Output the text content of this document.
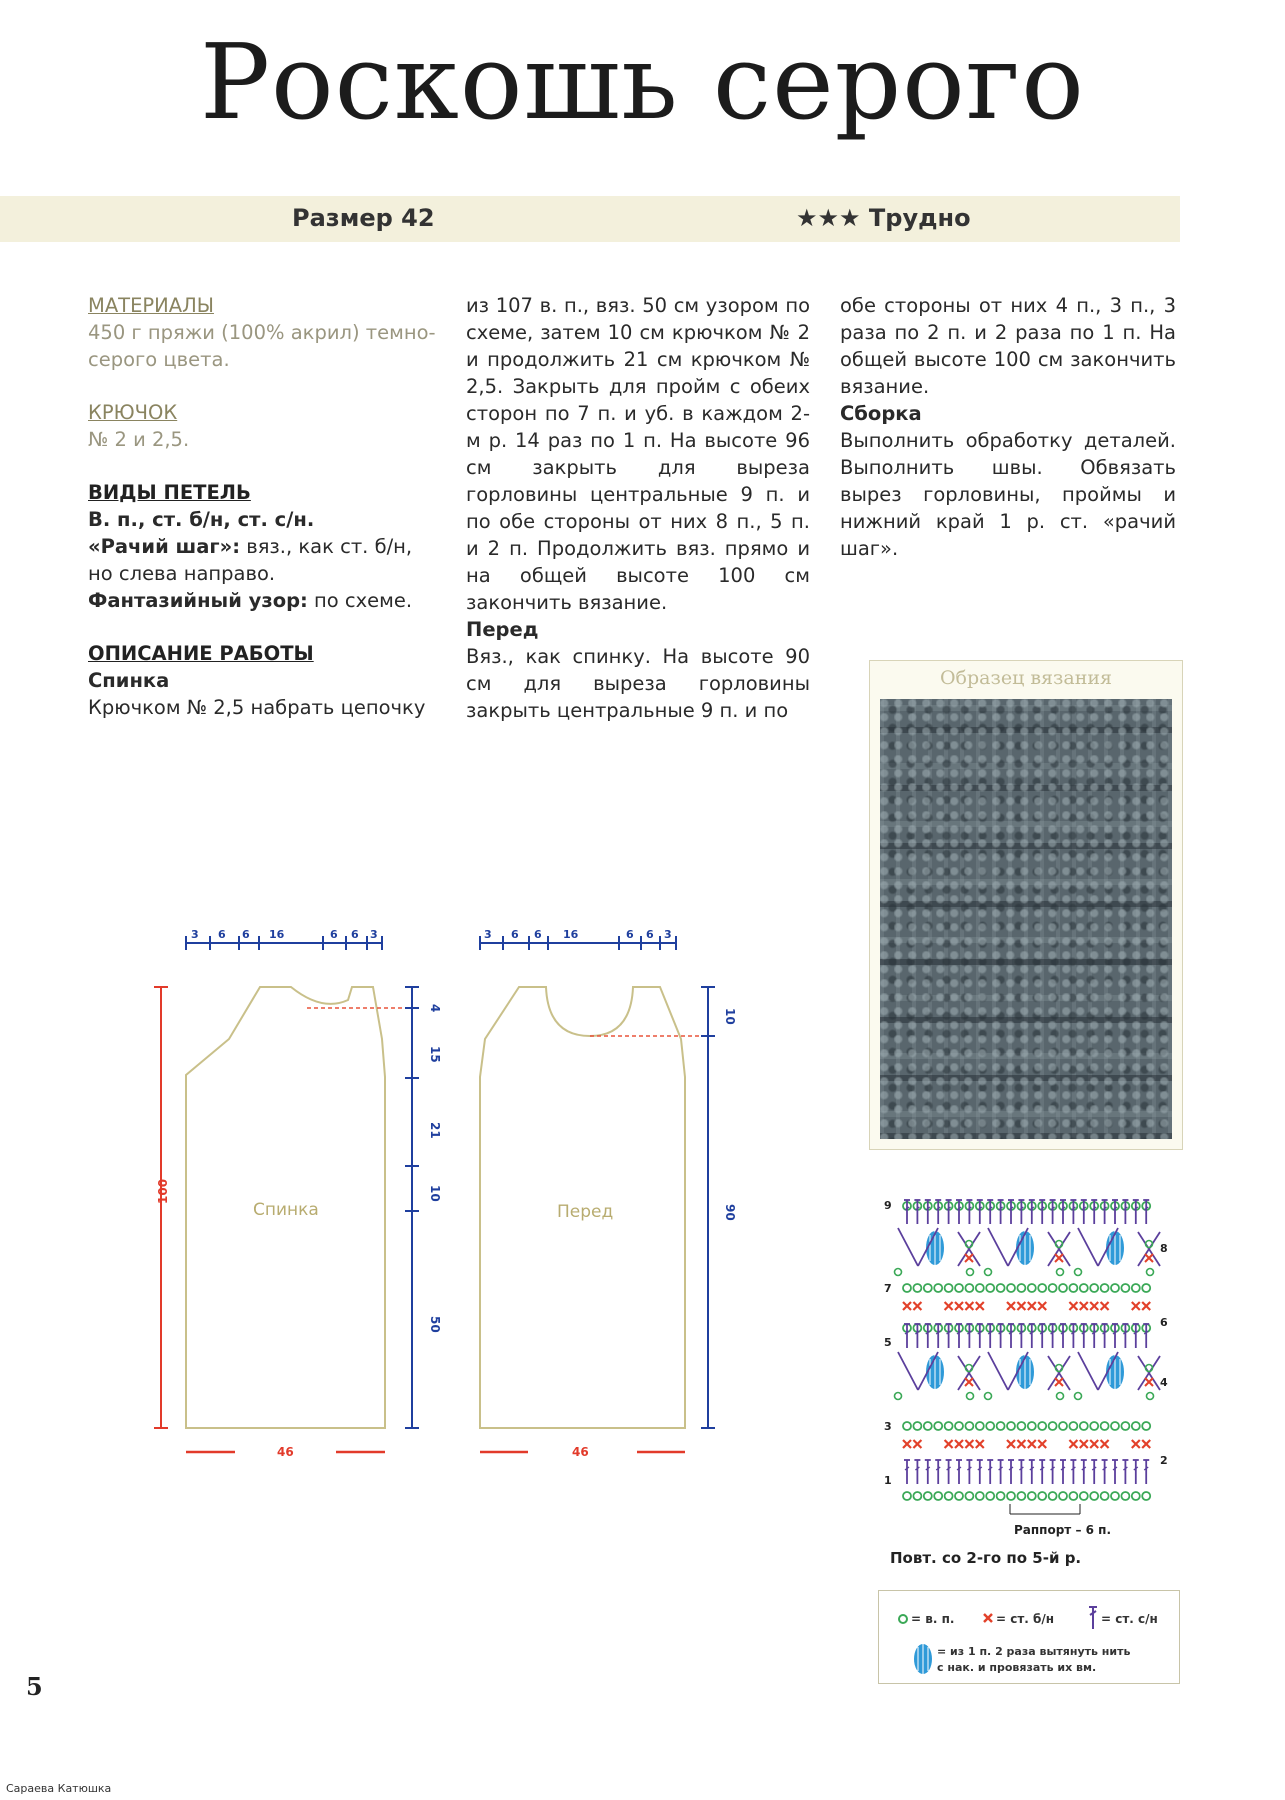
Роскошь серого
Размер 42	★★★ Трудно

МАТЕРИАЛЫ

450 г пряжи (100% акрил) темно-серого цвета.

КРЮЧОК

№ 2 и 2,5.

ВИДЫ ПЕТЕЛЬ

В. п., ст. б/н, ст. с/н.

«Рачий шаг»: вяз., как ст. б/н, но слева направо.

Фантазийный узор: по схеме.

ОПИСАНИЕ РАБОТЫ

Спинка

Крючком № 2,5 набрать цепочку

из 107 в. п., вяз. 50 см узором по схеме, затем 10 см крючком № 2 и продолжить 21 см крючком № 2,5. Закрыть для пройм с обеих сторон по 7 п. и уб. в каждом 2-м р. 14 раз по 1 п. На высоте 96 см закрыть для выреза горловины центральные 9 п. и по обе стороны от них 8 п., 5 п. и 2 п. Продолжить вяз. прямо и на общей высоте 100 см закончить вязание.

Перед

Вяз., как спинку. На высоте 90 см для выреза горловины закрыть центральные 9 п. и по

обе стороны от них 4 п., 3 п., 3 раза по 2 п. и 2 раза по 1 п. На общей высоте 100 см закончить вязание.

Сборка

Выполнить обработку деталей. Выполнить швы. Обвязать вырез горловины, проймы и нижний край 1 р. ст. «рачий шаг».

Образец вязания
3 6 6 16	6 6 3
4
15
21
10
50
100
46
Спинка
3 6 6 16	6 6 3
10
90
46
Перед	9
7
5
3
1
8
6
4
2
Раппорт – 6 п.
Повт. со 2-го по 5-й р.
= в. п.	= ст. б/н	= ст. с/н
= из 1 п. 2 раза вытянуть нить
с нак. и провязать их вм.
5
Сараева Катюшка
